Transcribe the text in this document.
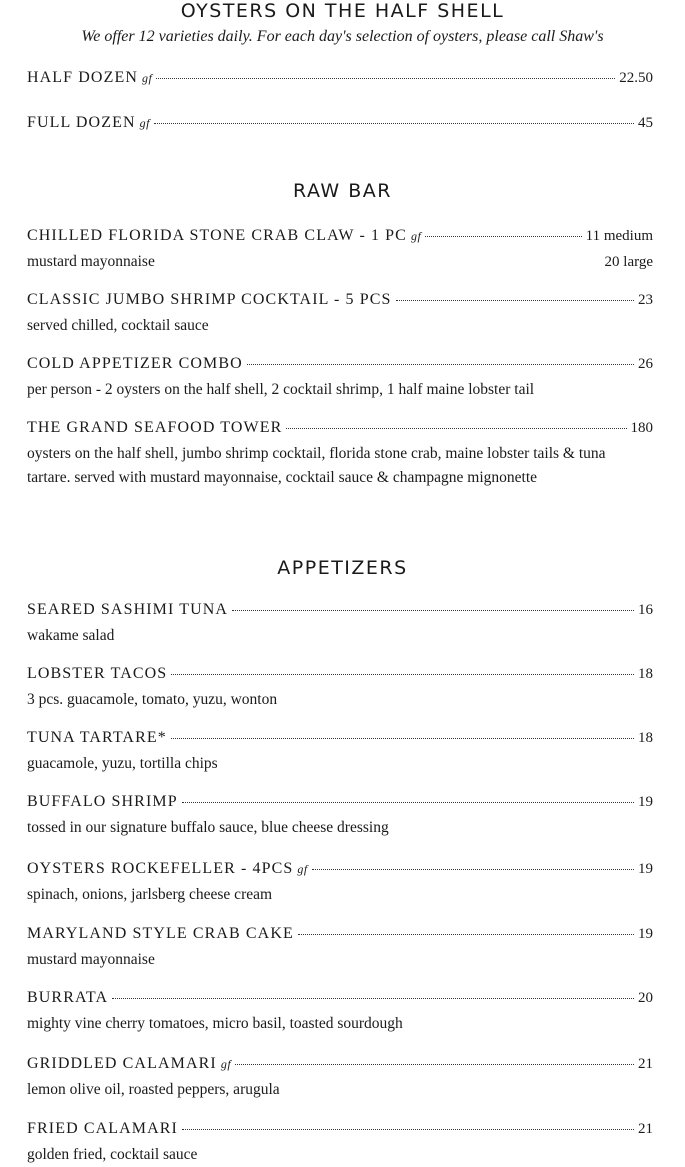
OYSTERS ON THE HALF SHELL

We offer 12 varieties daily. For each day's selection of oysters, please call Shaw's

HALF DOZEN gf	22.50
FULL DOZEN gf	45
RAW BAR
CHILLED FLORIDA STONE CRAB CLAW - 1 PC gf	11 medium
mustard mayonnaise	20 large
CLASSIC JUMBO SHRIMP COCKTAIL - 5 PCS	23
served chilled, cocktail sauce
COLD APPETIZER COMBO	26
per person - 2 oysters on the half shell, 2 cocktail shrimp, 1 half maine lobster tail
THE GRAND SEAFOOD TOWER	180
oysters on the half shell, jumbo shrimp cocktail, florida stone crab, maine lobster tails & tuna tartare. served with mustard mayonnaise, cocktail sauce & champagne mignonette
APPETIZERS
SEARED SASHIMI TUNA	16
wakame salad
LOBSTER TACOS	18
3 pcs. guacamole, tomato, yuzu, wonton
TUNA TARTARE*	18
guacamole, yuzu, tortilla chips
BUFFALO SHRIMP	19
tossed in our signature buffalo sauce, blue cheese dressing
OYSTERS ROCKEFELLER - 4PCS gf	19
spinach, onions, jarlsberg cheese cream
MARYLAND STYLE CRAB CAKE	19
mustard mayonnaise
BURRATA	20
mighty vine cherry tomatoes, micro basil, toasted sourdough
GRIDDLED CALAMARI gf	21
lemon olive oil, roasted peppers, arugula
FRIED CALAMARI	21
golden fried, cocktail sauce
